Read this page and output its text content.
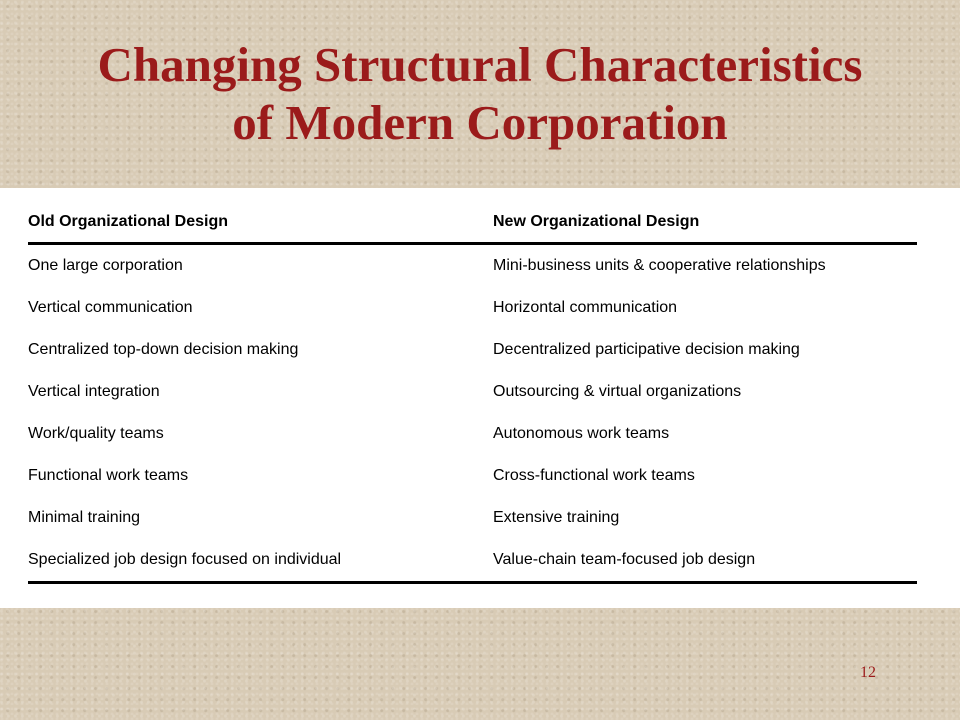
Changing Structural Characteristics
of Modern Corporation
Old Organizational Design	New Organizational Design
One large corporation	Mini-business units & cooperative relationships
Vertical communication	Horizontal communication
Centralized top-down decision making	Decentralized participative decision making
Vertical integration	Outsourcing & virtual organizations
Work/quality teams	Autonomous work teams
Functional work teams	Cross-functional work teams
Minimal training	Extensive training
Specialized job design focused on individual	Value-chain team-focused job design
12
